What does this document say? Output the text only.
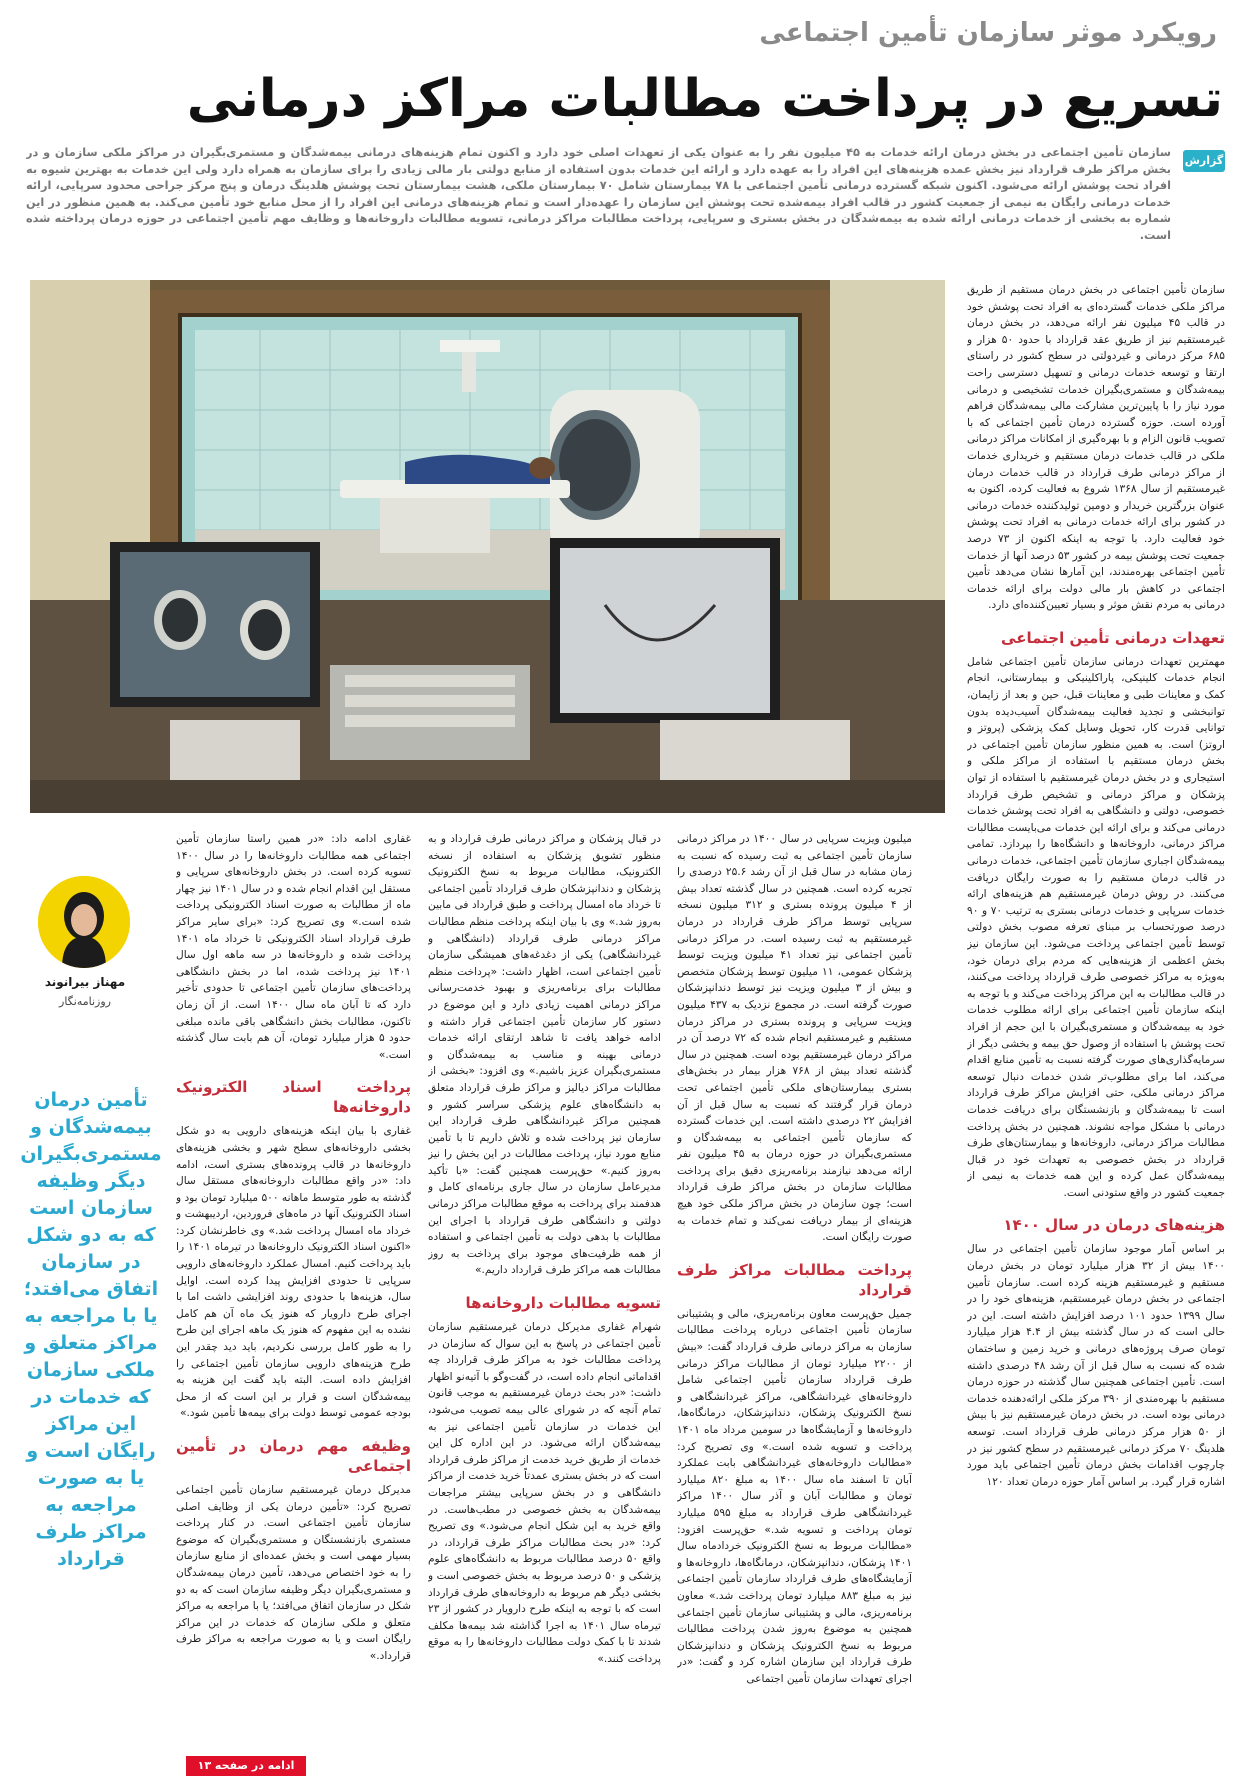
رویکرد موثر سازمان تأمین اجتماعی
تسریع در پرداخت مطالبات مراکز درمانی
گزارش
سازمان تأمین اجتماعی در بخش درمان ارائه خدمات به ۴۵ میلیون نفر را به عنوان یکی از تعهدات اصلی خود دارد و اکنون تمام هزینه‌های درمانی بیمه‌شدگان و مستمری‌بگیران در مراکز ملکی سازمان و در بخش مراکز طرف قرارداد نیز بخش عمده هزینه‌های این افراد را به عهده دارد و ارائه این خدمات بدون استفاده از منابع دولتی بار مالی زیادی را برای سازمان به همراه دارد ولی این خدمات به بهترین شیوه به افراد تحت پوشش ارائه می‌شود. اکنون شبکه گسترده درمانی تأمین اجتماعی با ۷۸ بیمارستان شامل ۷۰ بیمارستان ملکی، هشت بیمارستان تحت پوشش هلدینگ درمان و پنج مرکز جراحی محدود سرپایی، ارائه خدمات درمانی رایگان به نیمی از جمعیت کشور در قالب افراد بیمه‌شده تحت پوشش این سازمان را عهده‌دار است و تمام هزینه‌های درمانی این افراد را از محل منابع خود تأمین می‌کند. به همین منظور در این شماره به بخشی از خدمات درمانی ارائه شده به بیمه‌شدگان در بخش بستری و سرپایی، پرداخت مطالبات مراکز درمانی، تسویه مطالبات داروخانه‌ها و وظایف مهم تأمین اجتماعی در حوزه درمان پرداخته شده است.

سازمان تأمین اجتماعی در بخش درمان مستقیم از طریق مراکز ملکی خدمات گسترده‌ای به افراد تحت پوشش خود در قالب ۴۵ میلیون نفر ارائه می‌دهد، در بخش درمان غیرمستقیم نیز از طریق عقد قرارداد با حدود ۵۰ هزار و ۶۸۵ مرکز درمانی و غیردولتی در سطح کشور در راستای ارتقا و توسعه خدمات درمانی و تسهیل دسترسی راحت بیمه‌شدگان و مستمری‌بگیران خدمات تشخیصی و درمانی مورد نیاز را با پایین‌ترین مشارکت مالی بیمه‌شدگان فراهم آورده است. حوزه گسترده درمان تأمین اجتماعی که با تصویب قانون الزام و با بهره‌گیری از امکانات مراکز درمانی ملکی در قالب خدمات درمان مستقیم و خریداری خدمات از مراکز درمانی طرف قرارداد در قالب خدمات درمان غیرمستقیم از سال ۱۳۶۸ شروع به فعالیت کرده، اکنون به عنوان بزرگترین خریدار و دومین تولیدکننده خدمات درمانی در کشور برای ارائه خدمات درمانی به افراد تحت پوشش خود فعالیت دارد. با توجه به اینکه اکنون از ۷۳ درصد جمعیت تحت پوشش بیمه در کشور ۵۳ درصد آنها از خدمات تأمین اجتماعی بهره‌مندند، این آمارها نشان می‌دهد تأمین اجتماعی در کاهش بار مالی دولت برای ارائه خدمات درمانی به مردم نقش موثر و بسیار تعیین‌کننده‌ای دارد.

تعهدات درمانی تأمین اجتماعی

مهمترین تعهدات درمانی سازمان تأمین اجتماعی شامل انجام خدمات کلینیکی، پاراکلینیکی و بیمارستانی، انجام کمک و معاینات طبی و معاینات قبل، حین و بعد از زایمان، توانبخشی و تجدید فعالیت بیمه‌شدگان آسیب‌دیده بدون توانایی قدرت کار، تحویل وسایل کمک پزشکی (پروتز و اروتز) است. به همین منظور سازمان تأمین اجتماعی در بخش درمان مستقیم با استفاده از مراکز ملکی و استیجاری و در بخش درمان غیرمستقیم با استفاده از توان پزشکان و مراکز درمانی و تشخیص طرف قرارداد خصوصی، دولتی و دانشگاهی به افراد تحت پوشش خدمات درمانی می‌کند و برای ارائه این خدمات می‌بایست مطالبات مراکز درمانی، داروخانه‌ها و دانشگاه‌ها را بپردازد. تمامی بیمه‌شدگان اجباری سازمان تأمین اجتماعی، خدمات درمانی در قالب درمان مستقیم را به صورت رایگان دریافت می‌کنند. در روش درمان غیرمستقیم هم هزینه‌های ارائه خدمات سرپایی و خدمات درمانی بستری به ترتیب ۷۰ و ۹۰ درصد صورتحساب بر مبنای تعرفه مصوب بخش دولتی توسط تأمین اجتماعی پرداخت می‌شود. این سازمان نیز بخش اعظمی از هزینه‌هایی که مردم برای درمان خود، به‌ویژه به مراکز خصوصی طرف قرارداد پرداخت می‌کنند، در قالب مطالبات به این مراکز پرداخت می‌کند و با توجه به اینکه سازمان تأمین اجتماعی برای ارائه مطلوب خدمات خود به بیمه‌شدگان و مستمری‌بگیران با این حجم از افراد تحت پوشش با استفاده از وصول حق بیمه و بخشی دیگر از سرمایه‌گذاری‌های صورت گرفته نسبت به تأمین منابع اقدام می‌کند، اما برای مطلوب‌تر شدن خدمات دنبال توسعه مراکز درمانی ملکی، حتی افزایش مراکز طرف قرارداد است تا بیمه‌شدگان و بازنشستگان برای دریافت خدمات درمانی با مشکل مواجه نشوند. همچنین در بخش پرداخت مطالبات مراکز درمانی، داروخانه‌ها و بیمارستان‌های طرف قرارداد در بخش خصوصی به تعهدات خود در قبال بیمه‌شدگان عمل کرده و این همه خدمات به نیمی از جمعیت کشور در واقع ستودنی است.

هزینه‌های درمان در سال ۱۴۰۰

بر اساس آمار موجود سازمان تأمین اجتماعی در سال ۱۴۰۰ بیش از ۳۲ هزار میلیارد تومان در بخش درمان مستقیم و غیرمستقیم هزینه کرده است. سازمان تأمین اجتماعی در بخش درمان غیرمستقیم، هزینه‌های خود را در سال ۱۳۹۹ حدود ۱۰۱ درصد افزایش داشته است. این در حالی است که در سال گذشته بیش از ۴.۴ هزار میلیارد تومان صرف پروژه‌های درمانی و خرید زمین و ساختمان شده که نسبت به سال قبل از آن رشد ۴۸ درصدی داشته است. تأمین اجتماعی همچنین سال گذشته در حوزه درمان مستقیم با بهره‌مندی از ۳۹۰ مرکز ملکی ارائه‌دهنده خدمات درمانی بوده است. در بخش درمان غیرمستقیم نیز با بیش از ۵۰ هزار مرکز درمانی طرف قرارداد است. توسعه هلدینگ ۷۰ مرکز درمانی غیرمستقیم در سطح کشور نیز در چارچوب اقدامات بخش درمان تأمین اجتماعی باید مورد اشاره قرار گیرد. بر اساس آمار حوزه درمان تعداد ۱۲۰

میلیون ویزیت سرپایی در سال ۱۴۰۰ در مراکز درمانی سازمان تأمین اجتماعی به ثبت رسیده که نسبت به زمان مشابه در سال قبل از آن رشد ۲۵.۶ درصدی را تجربه کرده است. همچنین در سال گذشته تعداد بیش از ۴ میلیون پرونده بستری و ۳۱۲ میلیون نسخه سرپایی توسط مراکز طرف قرارداد در درمان غیرمستقیم به ثبت رسیده است. در مراکز درمانی تأمین اجتماعی نیز تعداد ۴۱ میلیون ویزیت توسط پزشکان عمومی، ۱۱ میلیون توسط پزشکان متخصص و بیش از ۳ میلیون ویزیت نیز توسط دندانپزشکان صورت گرفته است. در مجموع نزدیک به ۴۳۷ میلیون ویزیت سرپایی و پرونده بستری در مراکز درمان مستقیم و غیرمستقیم انجام شده که ۷۲ درصد آن در مراکز درمان غیرمستقیم بوده است. همچنین در سال گذشته تعداد بیش از ۷۶۸ هزار بیمار در بخش‌های بستری بیمارستان‌های ملکی تأمین اجتماعی تحت درمان قرار گرفتند که نسبت به سال قبل از آن افزایش ۲۲ درصدی داشته است. این خدمات گسترده که سازمان تأمین اجتماعی به بیمه‌شدگان و مستمری‌بگیران در حوزه درمان به ۴۵ میلیون نفر ارائه می‌دهد نیازمند برنامه‌ریزی دقیق برای پرداخت مطالبات سازمان در بخش مراکز طرف قرارداد است؛ چون سازمان در بخش مراکز ملکی خود هیچ هزینه‌ای از بیمار دریافت نمی‌کند و تمام خدمات به صورت رایگان است.

پرداخت مطالبات مراکز طرف قرارداد

جمیل حق‌پرست معاون برنامه‌ریزی، مالی و پشتیبانی سازمان تأمین اجتماعی درباره پرداخت مطالبات سازمان به مراکز درمانی طرف قرارداد گفت: «بیش از ۲۲۰۰ میلیارد تومان از مطالبات مراکز درمانی طرف قرارداد سازمان تأمین اجتماعی شامل داروخانه‌های غیردانشگاهی، مراکز غیردانشگاهی و نسخ الکترونیک پزشکان، دندانپزشکان، درمانگاه‌ها، داروخانه‌ها و آزمایشگاه‌ها در سومین مرداد ماه ۱۴۰۱ پرداخت و تسویه شده است.» وی تصریح کرد: «مطالبات داروخانه‌های غیردانشگاهی بابت عملکرد آبان تا اسفند ماه سال ۱۴۰۰ به مبلغ ۸۲۰ میلیارد تومان و مطالبات آبان و آذر سال ۱۴۰۰ مراکز غیردانشگاهی طرف قرارداد به مبلغ ۵۹۵ میلیارد تومان پرداخت و تسویه شد.» حق‌پرست افزود: «مطالبات مربوط به نسخ الکترونیک خردادماه سال ۱۴۰۱ پزشکان، دندانپزشکان، درمانگاه‌ها، داروخانه‌ها و آزمایشگاه‌های طرف قرارداد سازمان تأمین اجتماعی نیز به مبلغ ۸۸۳ میلیارد تومان پرداخت شد.» معاون برنامه‌ریزی، مالی و پشتیبانی سازمان تأمین اجتماعی همچنین به موضوع به‌روز شدن پرداخت مطالبات مربوط به نسخ الکترونیک پزشکان و دندانپزشکان طرف قرارداد این سازمان اشاره کرد و گفت: «در اجرای تعهدات سازمان تأمین اجتماعی

در قبال پزشکان و مراکز درمانی طرف قرارداد و به منظور تشویق پزشکان به استفاده از نسخه الکترونیک، مطالبات مربوط به نسخ الکترونیک پزشکان و دندانپزشکان طرف قرارداد تأمین اجتماعی تا خرداد ماه امسال پرداخت و طبق قرارداد فی مابین به‌روز شد.» وی با بیان اینکه پرداخت منظم مطالبات مراکز درمانی طرف قرارداد (دانشگاهی و غیردانشگاهی) یکی از دغدغه‌های همیشگی سازمان تأمین اجتماعی است، اظهار داشت: «پرداخت منظم مطالبات برای برنامه‌ریزی و بهبود خدمت‌رسانی مراکز درمانی اهمیت زیادی دارد و این موضوع در دستور کار سازمان تأمین اجتماعی قرار داشته و ادامه خواهد یافت تا شاهد ارتقای ارائه خدمات درمانی بهینه و مناسب به بیمه‌شدگان و مستمری‌بگیران عزیز باشیم.» وی افزود: «بخشی از مطالبات مراکز دیالیز و مراکز طرف قرارداد متعلق به دانشگاه‌های علوم پزشکی سراسر کشور و همچنین مراکز غیردانشگاهی طرف قرارداد این سازمان نیز پرداخت شده و تلاش داریم تا با تأمین منابع مورد نیاز، پرداخت مطالبات در این بخش را نیز به‌روز کنیم.» حق‌پرست همچنین گفت: «با تأکید مدیرعامل سازمان در سال جاری برنامه‌ای کامل و هدفمند برای پرداخت به موقع مطالبات مراکز درمانی دولتی و دانشگاهی طرف قرارداد با اجرای این مطالبات با بدهی دولت به تأمین اجتماعی و استفاده از همه ظرفیت‌های موجود برای پرداخت به روز مطالبات همه مراکز طرف قرارداد داریم.»

تسویه مطالبات داروخانه‌ها

شهرام غفاری مدیرکل درمان غیرمستقیم سازمان تأمین اجتماعی در پاسخ به این سوال که سازمان در پرداخت مطالبات خود به مراکز طرف قرارداد چه اقداماتی انجام داده است، در گفت‌وگو با آتیه‌نو اظهار داشت: «در بحث درمان غیرمستقیم به موجب قانون تمام آنچه که در شورای عالی بیمه تصویب می‌شود، این خدمات در سازمان تأمین اجتماعی نیز به بیمه‌شدگان ارائه می‌شود. در این اداره کل این خدمات از طریق خرید خدمت از مراکز طرف قرارداد است که در بخش بستری عمدتاً خرید خدمت از مراکز دانشگاهی و در بخش سرپایی بیشتر مراجعات بیمه‌شدگان به بخش خصوصی در مطب‌هاست. در واقع خرید به این شکل انجام می‌شود.» وی تصریح کرد: «در بحث مطالبات مراکز طرف قرارداد، در واقع ۵۰ درصد مطالبات مربوط به دانشگاه‌های علوم پزشکی و ۵۰ درصد مربوط به بخش خصوصی است و بخشی دیگر هم مربوط به داروخانه‌های طرف قرارداد است که با توجه به اینکه طرح دارویار در کشور از ۲۳ تیرماه سال ۱۴۰۱ به اجرا گذاشته شد بیمه‌ها مکلف شدند تا با کمک دولت مطالبات داروخانه‌ها را به موقع پرداخت کنند.»

غفاری ادامه داد: «در همین راستا سازمان تأمین اجتماعی همه مطالبات داروخانه‌ها را در سال ۱۴۰۰ تسویه کرده است. در بخش داروخانه‌های سرپایی و مستقل این اقدام انجام شده و در سال ۱۴۰۱ نیز چهار ماه از مطالبات به صورت اسناد الکترونیکی پرداخت شده است.» وی تصریح کرد: «برای سایر مراکز طرف قرارداد اسناد الکترونیکی تا خرداد ماه ۱۴۰۱ پرداخت شده و داروخانه‌ها در سه ماهه اول سال ۱۴۰۱ نیز پرداخت شده، اما در بخش دانشگاهی پرداخت‌های سازمان تأمین اجتماعی تا حدودی تأخیر دارد که تا آبان ماه سال ۱۴۰۰ است. از آن زمان تاکنون، مطالبات بخش دانشگاهی باقی مانده مبلغی حدود ۵ هزار میلیارد تومان، آن هم بابت سال گذشته است.»

پرداخت اسناد الکترونیک داروخانه‌ها

غفاری با بیان اینکه هزینه‌های دارویی به دو شکل بخشی داروخانه‌های سطح شهر و بخشی هزینه‌های داروخانه‌ها در قالب پرونده‌های بستری است، ادامه داد: «در واقع مطالبات داروخانه‌های مستقل سال گذشته به طور متوسط ماهانه ۵۰۰ میلیارد تومان بود و اسناد الکترونیک آنها در ماه‌های فروردین، اردیبهشت و خرداد ماه امسال پرداخت شد.» وی خاطرنشان کرد: «اکنون اسناد الکترونیک داروخانه‌ها در تیرماه ۱۴۰۱ را باید پرداخت کنیم. امسال عملکرد داروخانه‌های دارویی سرپایی تا حدودی افزایش پیدا کرده است. اوایل سال، هزینه‌ها با حدودی روند افزایشی داشت اما با اجرای طرح دارویار که هنوز یک ماه آن هم کامل نشده به این مفهوم که هنوز یک ماهه اجرای این طرح را به طور کامل بررسی نکردیم، باید دید چقدر این طرح هزینه‌های دارویی سازمان تأمین اجتماعی را افزایش داده است. البته باید گفت این هزینه به بیمه‌شدگان است و قرار بر این است که از محل بودجه عمومی توسط دولت برای بیمه‌ها تأمین شود.»

وظیفه مهم درمان در تأمین اجتماعی

مدیرکل درمان غیرمستقیم سازمان تأمین اجتماعی تصریح کرد: «تأمین درمان یکی از وظایف اصلی سازمان تأمین اجتماعی است. در کنار پرداخت مستمری بازنشستگان و مستمری‌بگیران که موضوع بسیار مهمی است و بخش عمده‌ای از منابع سازمان را به خود اختصاص می‌دهد، تأمین درمان بیمه‌شدگان و مستمری‌بگیران دیگر وظیفه سازمان است که به دو شکل در سازمان اتفاق می‌افتد؛ یا با مراجعه به مراکز متعلق و ملکی سازمان که خدمات در این مراکز رایگان است و یا به صورت مراجعه به مراکز طرف قرارداد.»

مهناز بیرانوند
روزنامه‌نگار
تأمین درمان بیمه‌شدگان و مستمری‌بگیران دیگر وظیفه سازمان است که به دو شکل در سازمان اتفاق می‌افتد؛ یا با مراجعه به مراکز متعلق و ملکی سازمان که خدمات در این مراکز رایگان است و یا به صورت مراجعه به مراکز طرف قرارداد
ادامه در صفحه ۱۳
